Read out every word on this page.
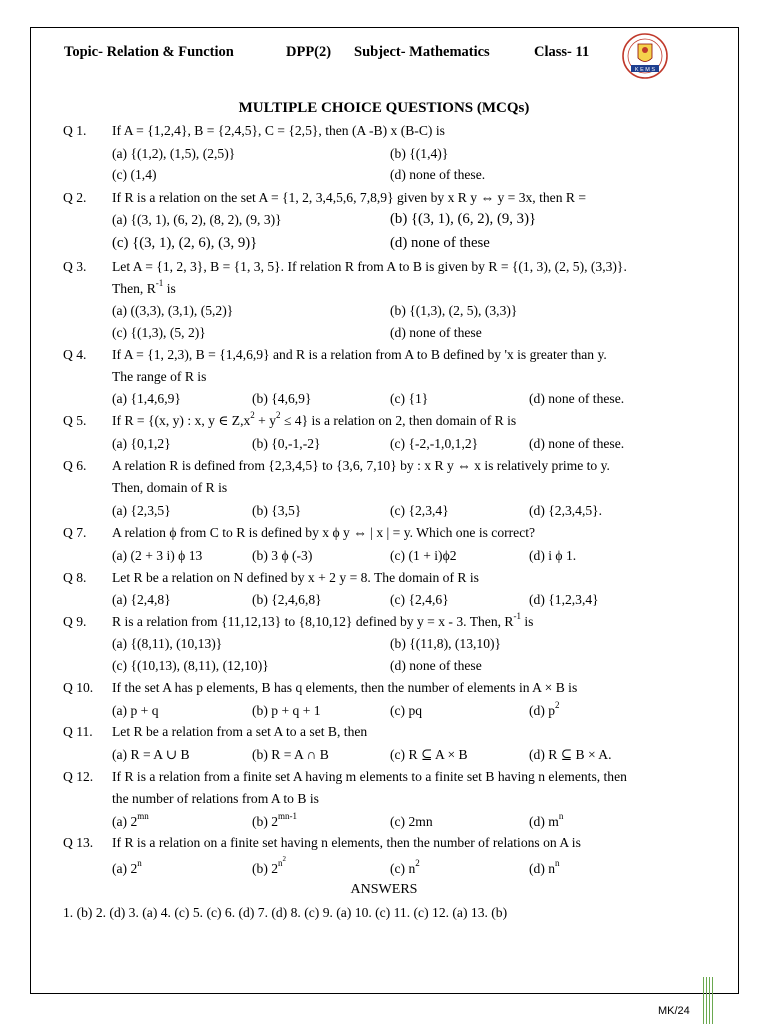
Topic- Relation & Function	DPP(2) Subject- Mathematics	Class- 11
K E M S
MULTIPLE CHOICE QUESTIONS (MCQs)
Q 1. If A = {1,2,4}, B = {2,4,5}, C = {2,5}, then (A -B) x (B-C) is
(a) {(1,2), (1,5), (2,5)}	(b) {(1,4)}
(c) (1,4)	(d) none of these.
Q 2. If R is a relation on the set A = {1, 2, 3,4,5,6, 7,8,9} given by x R y ⇔ y = 3x, then R =
(a) {(3, 1), (6, 2), (8, 2), (9, 3)}	(b) {(3, 1), (6, 2), (9, 3)}
(c) {(3, 1), (2, 6), (3, 9)}	(d) none of these
Q 3. Let A = {1, 2, 3}, B = {1, 3, 5}. If relation R from A to B is given by R = {(1, 3), (2, 5), (3,3)}.
Then, $R^{-1}$ is
(a) ((3,3), (3,1), (5,2)}	(b) {(1,3), (2, 5), (3,3)}
(c) {(1,3), (5, 2)}	(d) none of these
Q 4. If A = {1, 2,3), B = {1,4,6,9} and R is a relation from A to B defined by 'x is greater than y.
The range of R is
(a) {1,4,6,9}	(b) {4,6,9}	(c) {1}	(d) none of these.
Q 5. If R = {(x, y) : x, y ∈ $Z,x^2 + y^2 \le 4$} is a relation on 2, then domain of R is
(a) {0,1,2}	(b) {0,-1,-2}	(c) {-2,-1,0,1,2}	(d) none of these.
Q 6. A relation R is defined from {2,3,4,5} to {3,6, 7,10} by : x R y ⇔ x is relatively prime to y.
Then, domain of R is
(a) {2,3,5}	(b) {3,5}	(c) {2,3,4}	(d) {2,3,4,5}.
Q 7. A relation ϕ from C to R is defined by x ϕ y ⇔ | x | = y. Which one is correct?
(a) (2 + 3 i) ϕ 13	(b) 3 ϕ (-3)	(c) (1 + i)ϕ2	(d) i ϕ 1.
Q 8. Let R be a relation on N defined by x + 2 y = 8. The domain of R is
(a) {2,4,8}	(b) {2,4,6,8}	(c) {2,4,6}	(d) {1,2,3,4}
Q 9. R is a relation from {11,12,13} to {8,10,12} defined by y = x - 3. Then, $R^{-1}$ is
(a) {(8,11), (10,13)}	(b) {(11,8), (13,10)}
(c) {(10,13), (8,11), (12,10)}	(d) none of these
Q 10. If the set A has p elements, B has q elements, then the number of elements in A × B is
(a) p + q	(b) p + q + 1	(c) pq	(d) $p^2$
Q 11. Let R be a relation from a set A to a set B, then
(a) R = A ∪ B	(b) R = A ∩ B	(c) R ⊆ A × B	(d) R ⊆ B × A.
Q 12. If R is a relation from a finite set A having m elements to a finite set B having n elements, then
the number of relations from A to B is
(a) $2^{mn}$	(b) $2^{mn-1}$	(c) 2mn	(d) $m^n$
Q 13. If R is a relation on a finite set having n elements, then the number of relations on A is
(a) 2$^n$	(b) $2^{n^2}$
(c) $n^2$	(d) $n^n$
ANSWERS
1. (b) 2. (d) 3. (a) 4. (c) 5. (c) 6. (d) 7. (d) 8. (c) 9. (a) 10. (c) 11. (c) 12. (a) 13. (b)
MK/24
